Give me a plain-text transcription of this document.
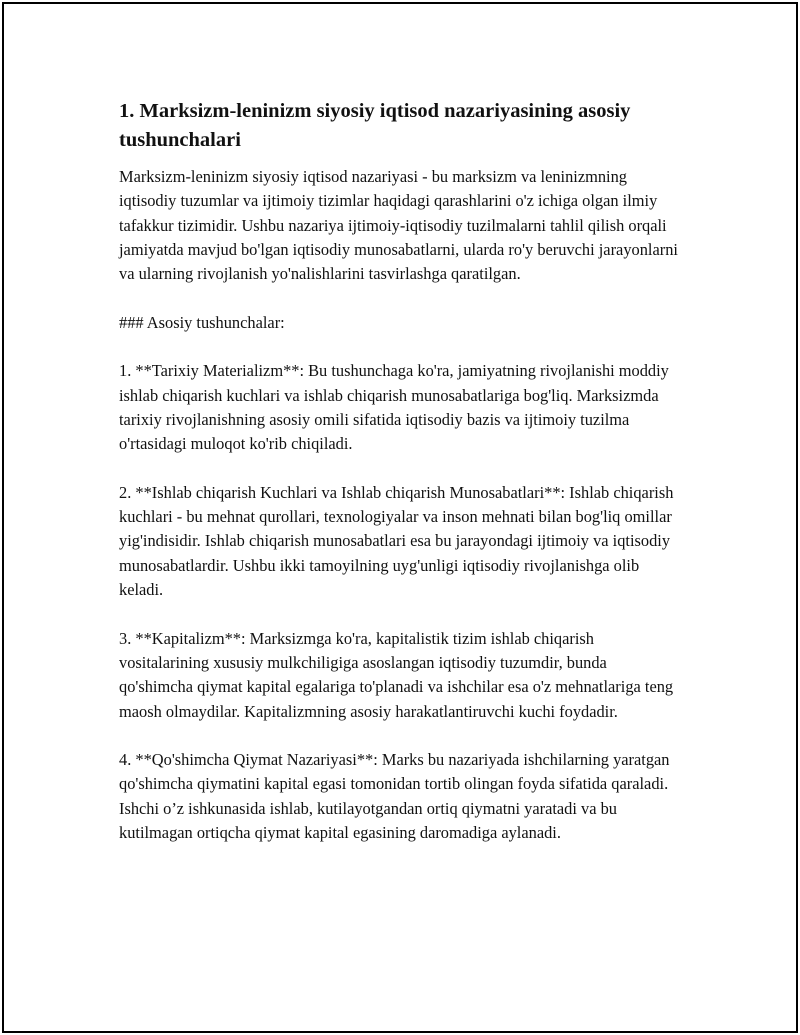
1. Marksizm-leninizm siyosiy iqtisod nazariyasining asosiy tushunchalari

Marksizm-leninizm siyosiy iqtisod nazariyasi - bu marksizm va leninizmning iqtisodiy tuzumlar va ijtimoiy tizimlar haqidagi qarashlarini o'z ichiga olgan ilmiy tafakkur tizimidir. Ushbu nazariya ijtimoiy-iqtisodiy tuzilmalarni tahlil qilish orqali jamiyatda mavjud bo'lgan iqtisodiy munosabatlarni, ularda ro'y beruvchi jarayonlarni va ularning rivojlanish yo'nalishlarini tasvirlashga qaratilgan.

### Asosiy tushunchalar:

1. **Tarixiy Materializm**: Bu tushunchaga ko'ra, jamiyatning rivojlanishi moddiy ishlab chiqarish kuchlari va ishlab chiqarish munosabatlariga bog'liq. Marksizmda tarixiy rivojlanishning asosiy omili sifatida iqtisodiy bazis va ijtimoiy tuzilma o'rtasidagi muloqot ko'rib chiqiladi.

2. **Ishlab chiqarish Kuchlari va Ishlab chiqarish Munosabatlari**: Ishlab chiqarish kuchlari - bu mehnat qurollari, texnologiyalar va inson mehnati bilan bog'liq omillar yig'indisidir. Ishlab chiqarish munosabatlari esa bu jarayondagi ijtimoiy va iqtisodiy munosabatlardir. Ushbu ikki tamoyilning uyg'unligi iqtisodiy rivojlanishga olib keladi.

3. **Kapitalizm**: Marksizmga ko'ra, kapitalistik tizim ishlab chiqarish vositalarining xususiy mulkchiligiga asoslangan iqtisodiy tuzumdir, bunda qo'shimcha qiymat kapital egalariga to'planadi va ishchilar esa o'z mehnatlariga teng maosh olmaydilar. Kapitalizmning asosiy harakatlantiruvchi kuchi foydadir.

4. **Qo'shimcha Qiymat Nazariyasi**: Marks bu nazariyada ishchilarning yaratgan qo'shimcha qiymatini kapital egasi tomonidan tortib olingan foyda sifatida qaraladi. Ishchi o’z ishkunasida ishlab, kutilayotgandan ortiq qiymatni yaratadi va bu kutilmagan ortiqcha qiymat kapital egasining daromadiga aylanadi.
